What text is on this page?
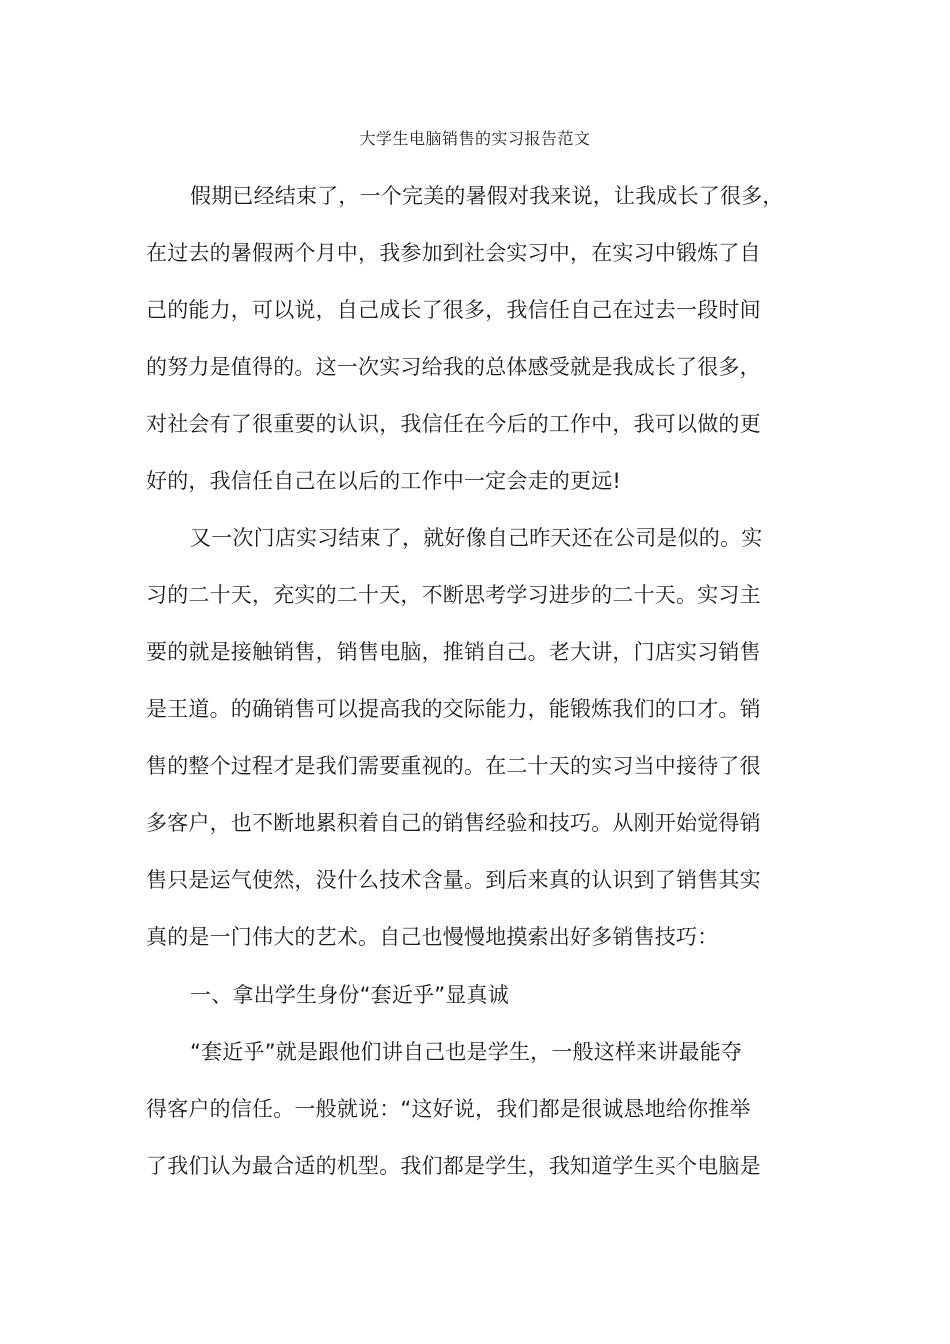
大学生电脑销售的实习报告范文
假期已经结束了，一个完美的暑假对我来说，让我成长了很多，
在过去的暑假两个月中，我参加到社会实习中，在实习中锻炼了自
己的能力，可以说，自己成长了很多，我信任自己在过去一段时间
的努力是值得的。这一次实习给我的总体感受就是我成长了很多，
对社会有了很重要的认识，我信任在今后的工作中，我可以做的更
好的，我信任自己在以后的工作中一定会走的更远!
又一次门店实习结束了，就好像自己昨天还在公司是似的。实
习的二十天，充实的二十天，不断思考学习进步的二十天。实习主
要的就是接触销售，销售电脑，推销自己。老大讲，门店实习销售
是王道。的确销售可以提高我的交际能力，能锻炼我们的口才。销
售的整个过程才是我们需要重视的。在二十天的实习当中接待了很
多客户，也不断地累积着自己的销售经验和技巧。从刚开始觉得销
售只是运气使然，没什么技术含量。到后来真的认识到了销售其实
真的是一门伟大的艺术。自己也慢慢地摸索出好多销售技巧：
一、拿出学生身份“套近乎”显真诚
“套近乎”就是跟他们讲自己也是学生，一般这样来讲最能夺
得客户的信任。一般就说：“这好说，我们都是很诚恳地给你推举
了我们认为最合适的机型。我们都是学生，我知道学生买个电脑是
